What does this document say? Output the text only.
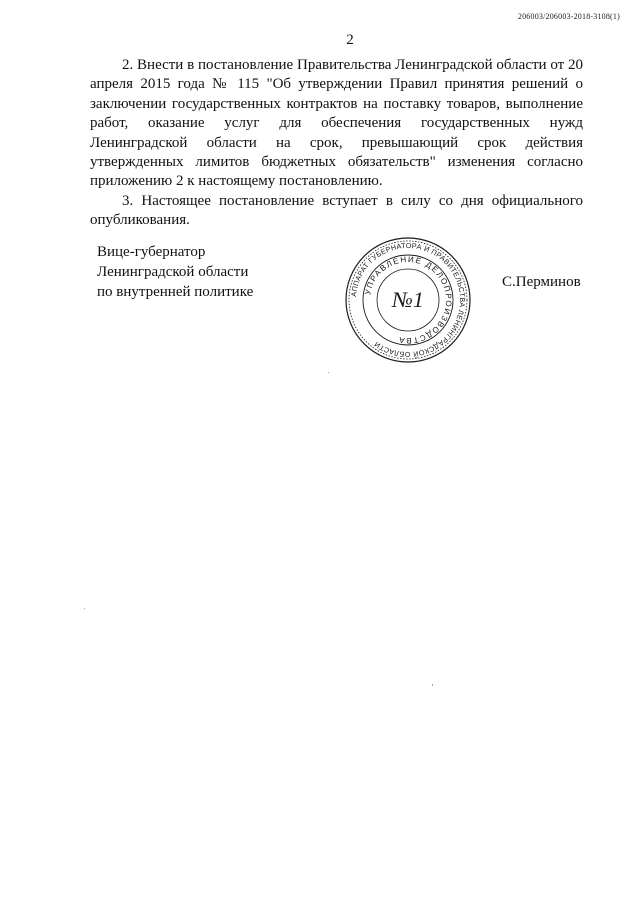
206003/206003-2018-3108(1)
2

2. Внести в постановление Правительства Ленинградской области от 20 апреля 2015 года № 115 "Об утверждении Правил принятия решений о заключении государственных контрактов на поставку товаров, выполнение работ, оказание услуг для обеспечения государственных нужд Ленинградской области на срок, превышающий срок действия утвержденных лимитов бюджетных обязательств" изменения согласно приложению 2 к настоящему постановлению.

3. Настоящее постановление вступает в силу со дня официального опубликования.

Вице-губернатор
Ленинградской области
по внутренней политике	АППАРАТ ГУБЕРНАТОРА И ПРАВИТЕЛЬСТВА ЛЕНИНГРАДСКОЙ ОБЛАСТИ
УПРАВЛЕНИЕ ДЕЛОПРОИЗВОДСТВА
№1
С.Перминов
